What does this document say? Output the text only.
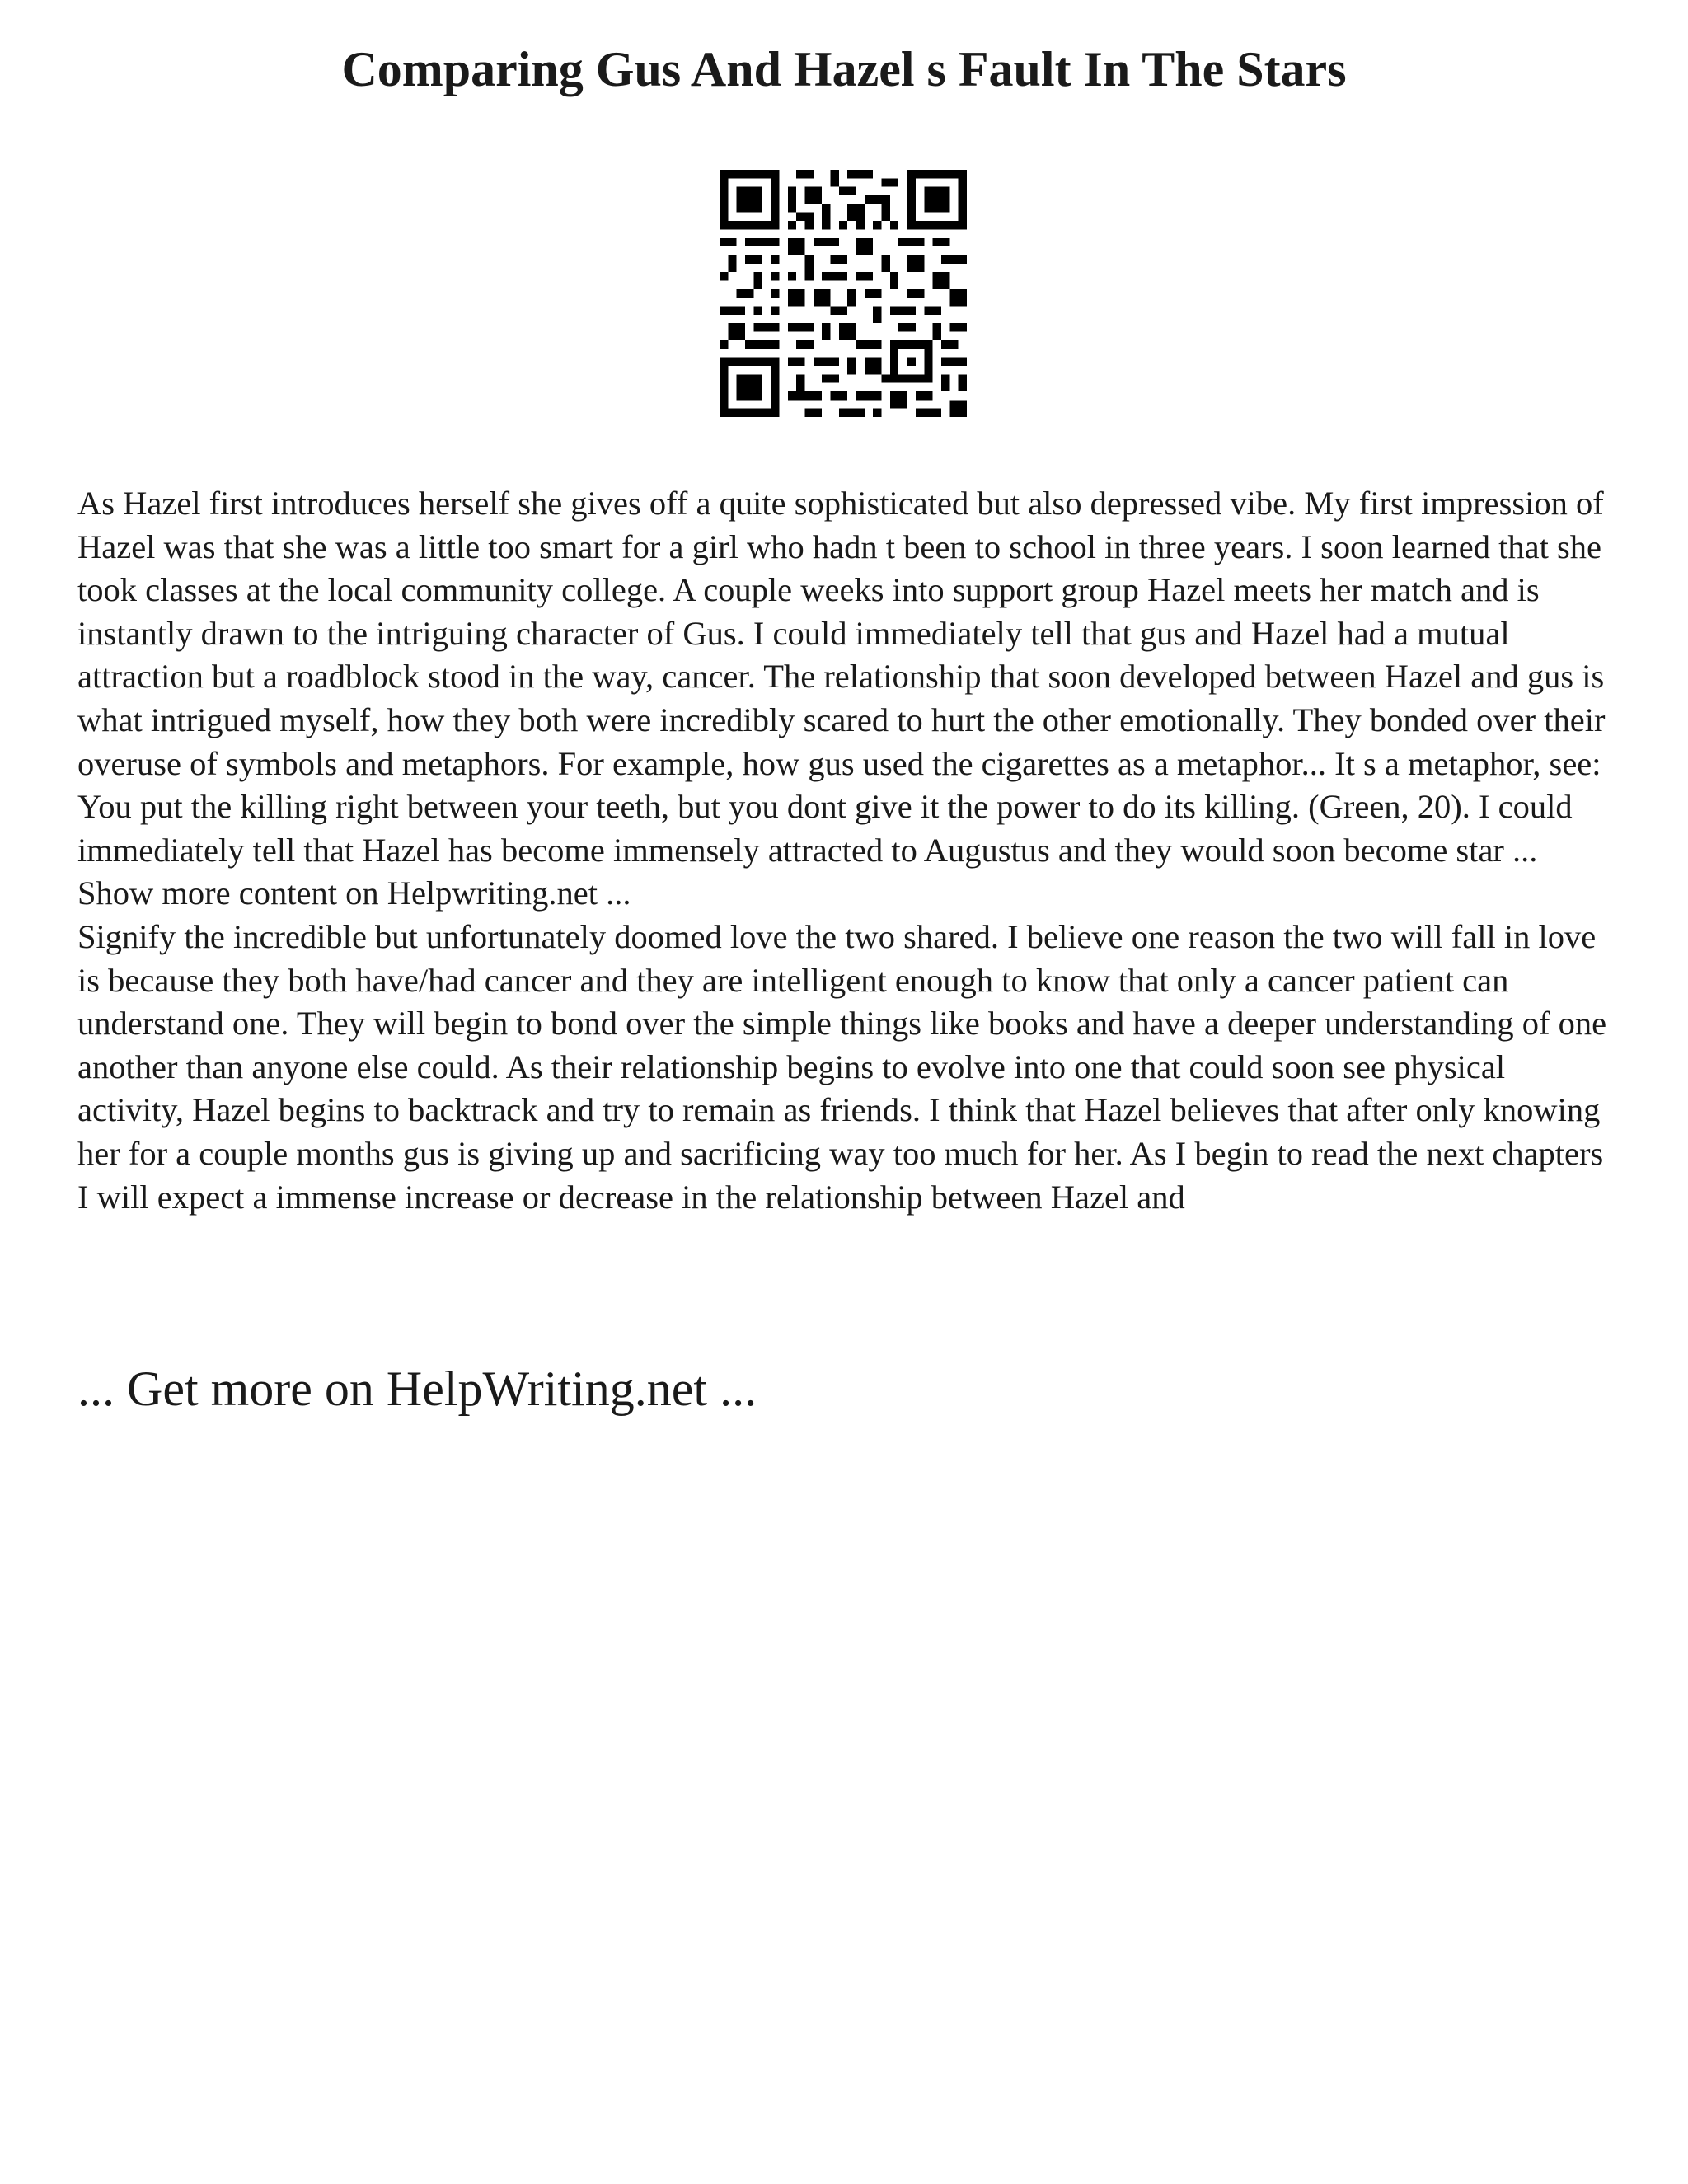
Comparing Gus And Hazel s Fault In The Stars

As Hazel first introduces herself she gives off a quite sophisticated but also depressed vibe. My first impression of Hazel was that she was a little too smart for a girl who hadn t been to school in three years. I soon learned that she took classes at the local community college. A couple weeks into support group Hazel meets her match and is instantly drawn to the intriguing character of Gus. I could immediately tell that gus and Hazel had a mutual attraction but a roadblock stood in the way, cancer. The relationship that soon developed between Hazel and gus is what intrigued myself, how they both were incredibly scared to hurt the other emotionally. They bonded over their overuse of symbols and metaphors. For example, how gus used the cigarettes as a metaphor... It s a metaphor, see: You put the killing right between your teeth, but you dont give it the power to do its killing. (Green, 20). I could immediately tell that Hazel has become immensely attracted to Augustus and they would soon become star ... Show more content on Helpwriting.net ...

Signify the incredible but unfortunately doomed love the two shared. I believe one reason the two will fall in love is because they both have/had cancer and they are intelligent enough to know that only a cancer patient can understand one. They will begin to bond over the simple things like books and have a deeper understanding of one another than anyone else could. As their relationship begins to evolve into one that could soon see physical activity, Hazel begins to backtrack and try to remain as friends. I think that Hazel believes that after only knowing her for a couple months gus is giving up and sacrificing way too much for her. As I begin to read the next chapters I will expect a immense increase or decrease in the relationship between Hazel and

... Get more on HelpWriting.net ...
